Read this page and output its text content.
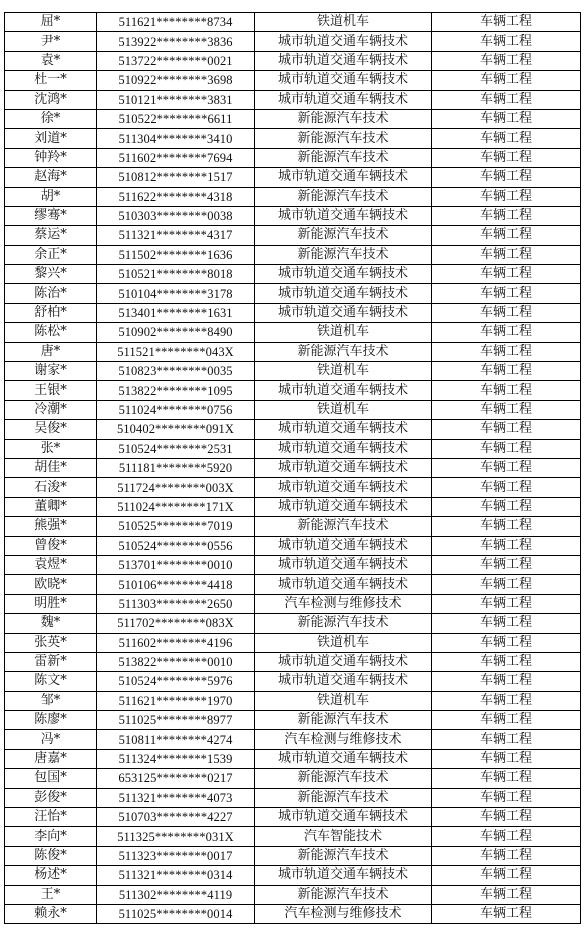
屈*	511621********8734	铁道机车	车辆工程
尹*	513922********3836	城市轨道交通车辆技术	车辆工程
袁*	513722********0021	城市轨道交通车辆技术	车辆工程
杜一*	510922********3698	城市轨道交通车辆技术	车辆工程
沈鸿*	510121********3831	城市轨道交通车辆技术	车辆工程
徐*	510522********6611	新能源汽车技术	车辆工程
刘道*	511304********3410	新能源汽车技术	车辆工程
钟羚*	511602********7694	新能源汽车技术	车辆工程
赵海*	510812********1517	城市轨道交通车辆技术	车辆工程
胡*	511622********4318	新能源汽车技术	车辆工程
缪骞*	510303********0038	城市轨道交通车辆技术	车辆工程
蔡运*	511321********4317	新能源汽车技术	车辆工程
余正*	511502********1636	新能源汽车技术	车辆工程
黎兴*	510521********8018	城市轨道交通车辆技术	车辆工程
陈治*	510104********3178	城市轨道交通车辆技术	车辆工程
舒柏*	513401********1631	城市轨道交通车辆技术	车辆工程
陈松*	510902********8490	铁道机车	车辆工程
唐*	511521********043X	新能源汽车技术	车辆工程
谢家*	510823********0035	铁道机车	车辆工程
王银*	513822********1095	城市轨道交通车辆技术	车辆工程
冷潮*	511024********0756	铁道机车	车辆工程
吴俊*	510402********091X	城市轨道交通车辆技术	车辆工程
张*	510524********2531	城市轨道交通车辆技术	车辆工程
胡佳*	511181********5920	城市轨道交通车辆技术	车辆工程
石浚*	511724********003X	城市轨道交通车辆技术	车辆工程
董卿*	511024********171X	城市轨道交通车辆技术	车辆工程
熊强*	510525********7019	新能源汽车技术	车辆工程
曾俊*	510524********0556	城市轨道交通车辆技术	车辆工程
袁煜*	513701********0010	城市轨道交通车辆技术	车辆工程
欧晓*	510106********4418	城市轨道交通车辆技术	车辆工程
明胜*	511303********2650	汽车检测与维修技术	车辆工程
魏*	511702********083X	新能源汽车技术	车辆工程
张英*	511602********4196	铁道机车	车辆工程
雷新*	513822********0010	城市轨道交通车辆技术	车辆工程
陈文*	510524********5976	城市轨道交通车辆技术	车辆工程
邹*	511621********1970	铁道机车	车辆工程
陈廖*	511025********8977	新能源汽车技术	车辆工程
冯*	510811********4274	汽车检测与维修技术	车辆工程
唐嘉*	511324********1539	城市轨道交通车辆技术	车辆工程
包国*	653125********0217	新能源汽车技术	车辆工程
彭俊*	511321********4073	新能源汽车技术	车辆工程
汪怡*	510703********4227	城市轨道交通车辆技术	车辆工程
李向*	511325********031X	汽车智能技术	车辆工程
陈俊*	511323********0017	新能源汽车技术	车辆工程
杨述*	511321********0314	城市轨道交通车辆技术	车辆工程
王*	511302********4119	新能源汽车技术	车辆工程
赖永*	511025********0014	汽车检测与维修技术	车辆工程
